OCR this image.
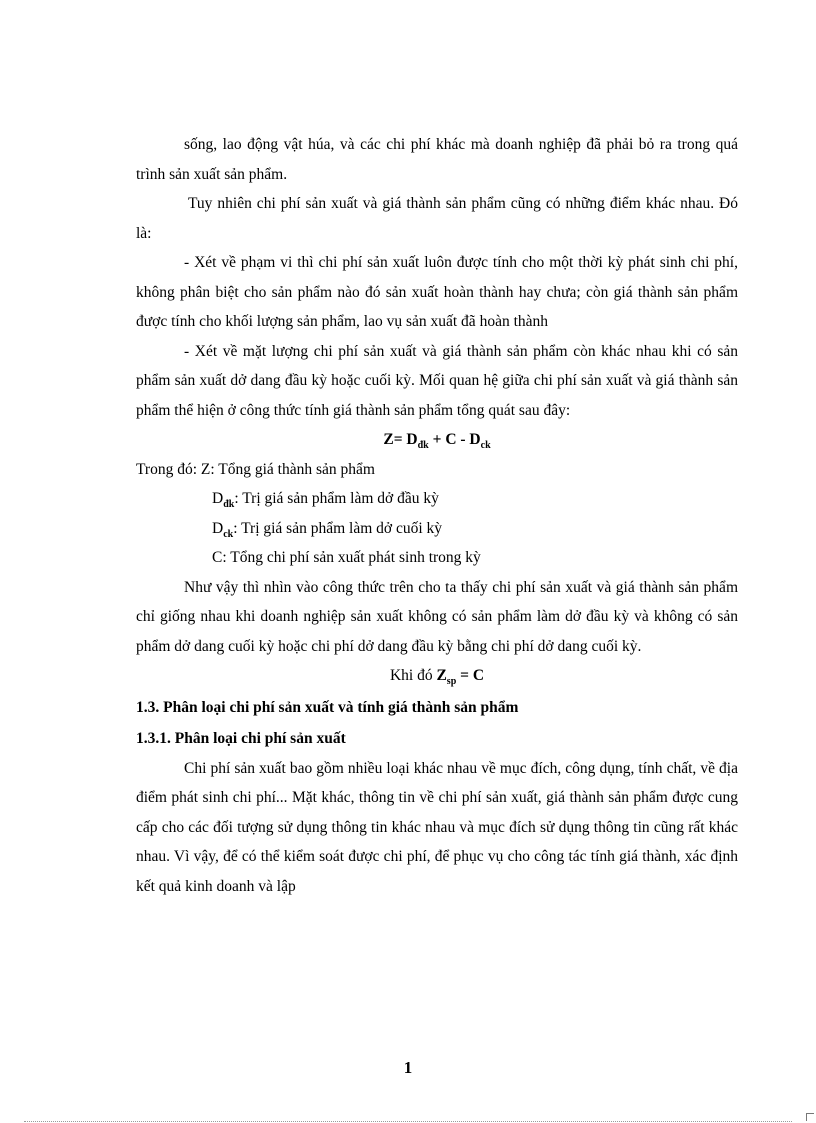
sống, lao động vật húa, và các chi phí khác mà doanh nghiệp đã phải bỏ ra trong quá trình sản xuất sản phẩm.

Tuy nhiên chi phí sản xuất và giá thành sản phẩm cũng có những điểm khác nhau. Đó là:

- Xét về phạm vi thì chi phí sản xuất luôn được tính cho một thời kỳ phát sinh chi phí, không phân biệt cho sản phẩm nào đó sản xuất hoàn thành hay chưa; còn giá thành sản phẩm được tính cho khối lượng sản phẩm, lao vụ sản xuất đã hoàn thành

- Xét về mặt lượng chi phí sản xuất và giá thành sản phẩm còn khác nhau khi có sản phẩm sản xuất dở dang đầu kỳ hoặc cuối kỳ. Mối quan hệ giữa chi phí sản xuất và giá thành sản phẩm thể hiện ở công thức tính giá thành sản phẩm tổng quát sau đây:

$Z= D_{đk} + C - D_{ck}$

Trong đó: Z: Tổng giá thành sản phẩm

$D_{đk}$: Trị giá sản phẩm làm dở đầu kỳ

$D_{ck}$: Trị giá sản phẩm làm dở cuối kỳ

C: Tổng chi phí sản xuất phát sinh trong kỳ

Như vậy thì nhìn vào công thức trên cho ta thấy chi phí sản xuất và giá thành sản phẩm chỉ giống nhau khi doanh nghiệp sản xuất không có sản phẩm làm dở đầu kỳ và không có sản phẩm dở dang cuối kỳ hoặc chi phí dở dang đầu kỳ bằng chi phí dở dang cuối kỳ.

Khi đó $Z_{sp} = C$

1.3. Phân loại chi phí sản xuất và tính giá thành sản phẩm

1.3.1. Phân loại chi phí sản xuất

Chi phí sản xuất bao gồm nhiều loại khác nhau về mục đích, công dụng, tính chất, về địa điểm phát sinh chi phí... Mặt khác, thông tin về chi phí sản xuất, giá thành sản phẩm được cung cấp cho các đối tượng sử dụng thông tin khác nhau và mục đích sử dụng thông tin cũng rất khác nhau. Vì vậy, để có thể kiểm soát được chi phí, để phục vụ cho công tác tính giá thành, xác định kết quả kinh doanh và lập

1
